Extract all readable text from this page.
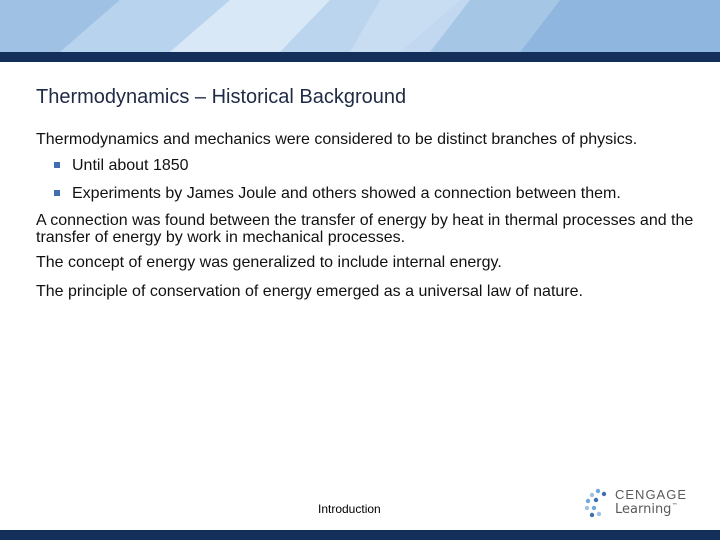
Thermodynamics – Historical Background

Thermodynamics and mechanics were considered to be distinct branches of physics.

Until about 1850
Experiments by James Joule and others showed a connection between them.

A connection was found between the transfer of energy by heat in thermal processes and the transfer of energy by work in mechanical processes.

The concept of energy was generalized to include internal energy.

The principle of conservation of energy emerged as a universal law of nature.

Introduction
CENGAGE
Learning™
